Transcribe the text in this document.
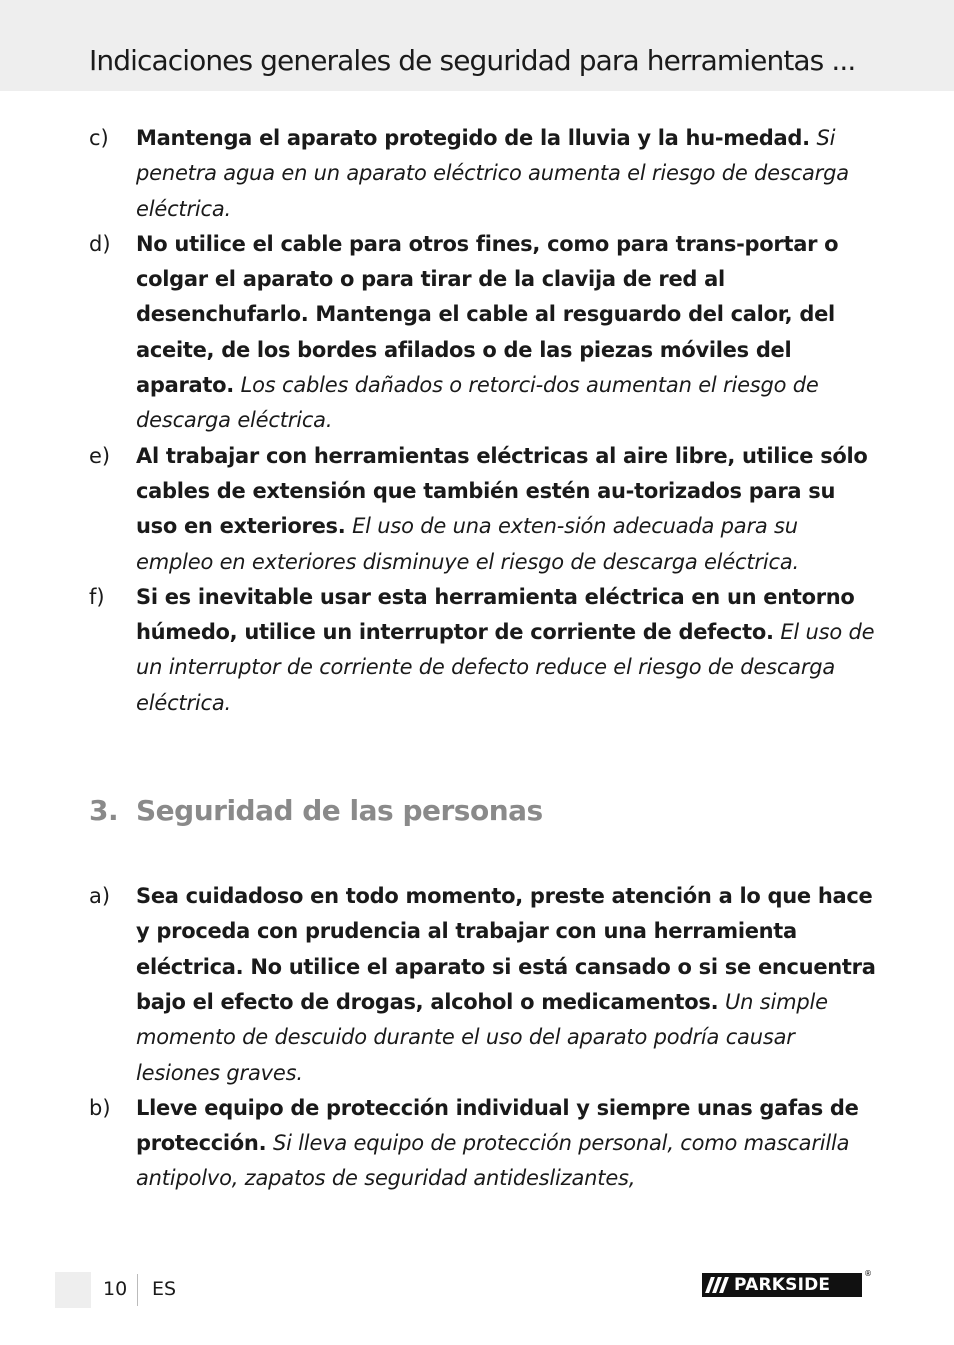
Indicaciones generales de seguridad para herramientas ...
c)	Mantenga el aparato protegido de la lluvia y la hu-medad. Si penetra agua en un aparato eléctrico aumenta el riesgo de descarga eléctrica.
d)	No utilice el cable para otros fines, como para trans-portar o colgar el aparato o para tirar de la clavija de red al desenchufarlo. Mantenga el cable al resguardo del calor, del aceite, de los bordes afilados o de las piezas móviles del aparato. Los cables dañados o retorci-dos aumentan el riesgo de descarga eléctrica.
e)	Al trabajar con herramientas eléctricas al aire libre, utilice sólo cables de extensión que también estén au-torizados para su uso en exteriores. El uso de una exten-sión adecuada para su empleo en exteriores disminuye el riesgo de descarga eléctrica.
f)	Si es inevitable usar esta herramienta eléctrica en un entorno húmedo, utilice un interruptor de corriente de defecto. El uso de un interruptor de corriente de defecto reduce el riesgo de descarga eléctrica.
3. Seguridad de las personas
a)	Sea cuidadoso en todo momento, preste atención a lo que hace y proceda con prudencia al trabajar con una herramienta eléctrica. No utilice el aparato si está cansado o si se encuentra bajo el efecto de drogas, alcohol o medicamentos. Un simple momento de descuido durante el uso del aparato podría causar lesiones graves.
b)	Lleve equipo de protección individual y siempre unas gafas de protección. Si lleva equipo de protección personal, como mascarilla antipolvo, zapatos de seguridad antideslizantes,
10 ES	PARKSIDE
®
